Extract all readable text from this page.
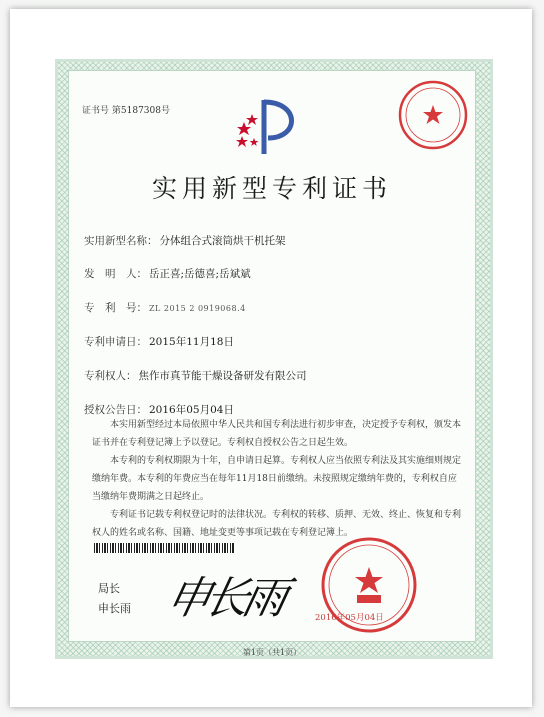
证书号 第5187308号
实用新型专利证书
实用新型名称： 分体组合式滚筒烘干机托架
发　明　人： 岳正喜;岳德喜;岳斌斌
专　利　号： ZL 2015 2 0919068.4
专利申请日： 2015年11月18日
专利权人： 焦作市真节能干燥设备研发有限公司
授权公告日： 2016年05月04日

本实用新型经过本局依照中华人民共和国专利法进行初步审查，决定授予专利权，颁发本证书并在专利登记簿上予以登记。专利权自授权公告之日起生效。

本专利的专利权期限为十年，自申请日起算。专利权人应当依照专利法及其实施细则规定缴纳年费。本专利的年费应当在每年11月18日前缴纳。未按照规定缴纳年费的，专利权自应当缴纳年费期满之日起终止。

专利证书记载专利权登记时的法律状况。专利权的转移、质押、无效、终止、恢复和专利权人的姓名或名称、国籍、地址变更等事项记载在专利登记簿上。

局长
申长雨 申长雨	2016年05月04日
第1页（共1页）
